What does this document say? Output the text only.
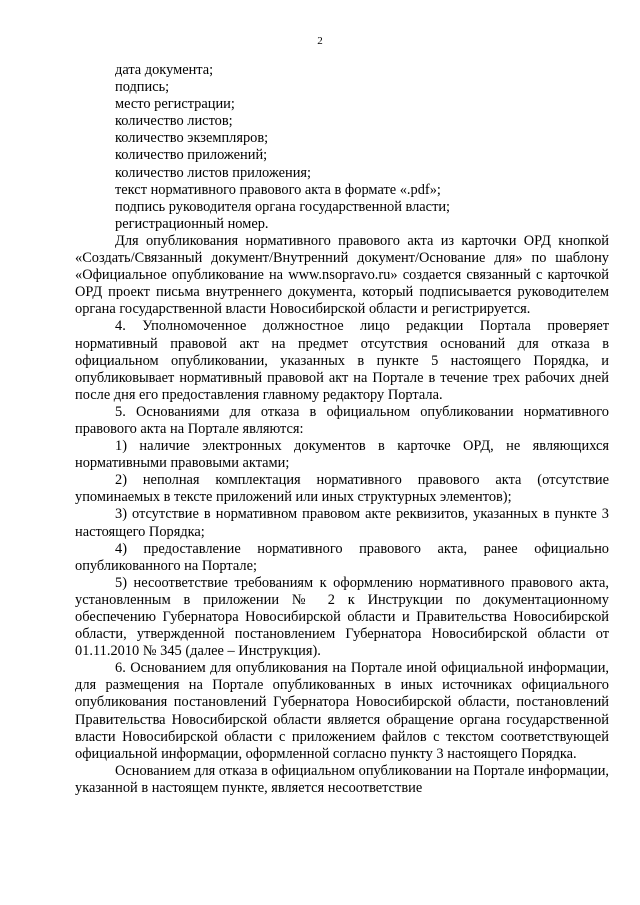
2

дата документа;

подпись;

место регистрации;

количество листов;

количество экземпляров;

количество приложений;

количество листов приложения;

текст нормативного правового акта в формате «.pdf»;

подпись руководителя органа государственной власти;

регистрационный номер.

Для опубликования нормативного правового акта из карточки ОРД кнопкой «Создать/Связанный документ/Внутренний документ/Основание для» по шаблону «Официальное опубликование на www.nsopravo.ru» создается связанный с карточкой ОРД проект письма внутреннего документа, который подписывается руководителем органа государственной власти Новосибирской области и регистрируется.

4. Уполномоченное должностное лицо редакции Портала проверяет нормативный правовой акт на предмет отсутствия оснований для отказа в официальном опубликовании, указанных в пункте 5 настоящего Порядка, и опубликовывает нормативный правовой акт на Портале в течение трех рабочих дней после дня его предоставления главному редактору Портала.

5. Основаниями для отказа в официальном опубликовании нормативного правового акта на Портале являются:

1) наличие электронных документов в карточке ОРД, не являющихся нормативными правовыми актами;

2) неполная комплектация нормативного правового акта (отсутствие упоминаемых в тексте приложений или иных структурных элементов);

3) отсутствие в нормативном правовом акте реквизитов, указанных в пункте 3 настоящего Порядка;

4) предоставление нормативного правового акта, ранее официально опубликованного на Портале;

5) несоответствие требованиям к оформлению нормативного правового акта, установленным в приложении № 2 к Инструкции по документационному обеспечению Губернатора Новосибирской области и Правительства Новосибирской области, утвержденной постановлением Губернатора Новосибирской области от 01.11.2010 № 345 (далее – Инструкция).

6. Основанием для опубликования на Портале иной официальной информации, для размещения на Портале опубликованных в иных источниках официального опубликования постановлений Губернатора Новосибирской области, постановлений Правительства Новосибирской области является обращение органа государственной власти Новосибирской области с приложением файлов с текстом соответствующей официальной информации, оформленной согласно пункту 3 настоящего Порядка.

Основанием для отказа в официальном опубликовании на Портале информации, указанной в настоящем пункте, является несоответствие
